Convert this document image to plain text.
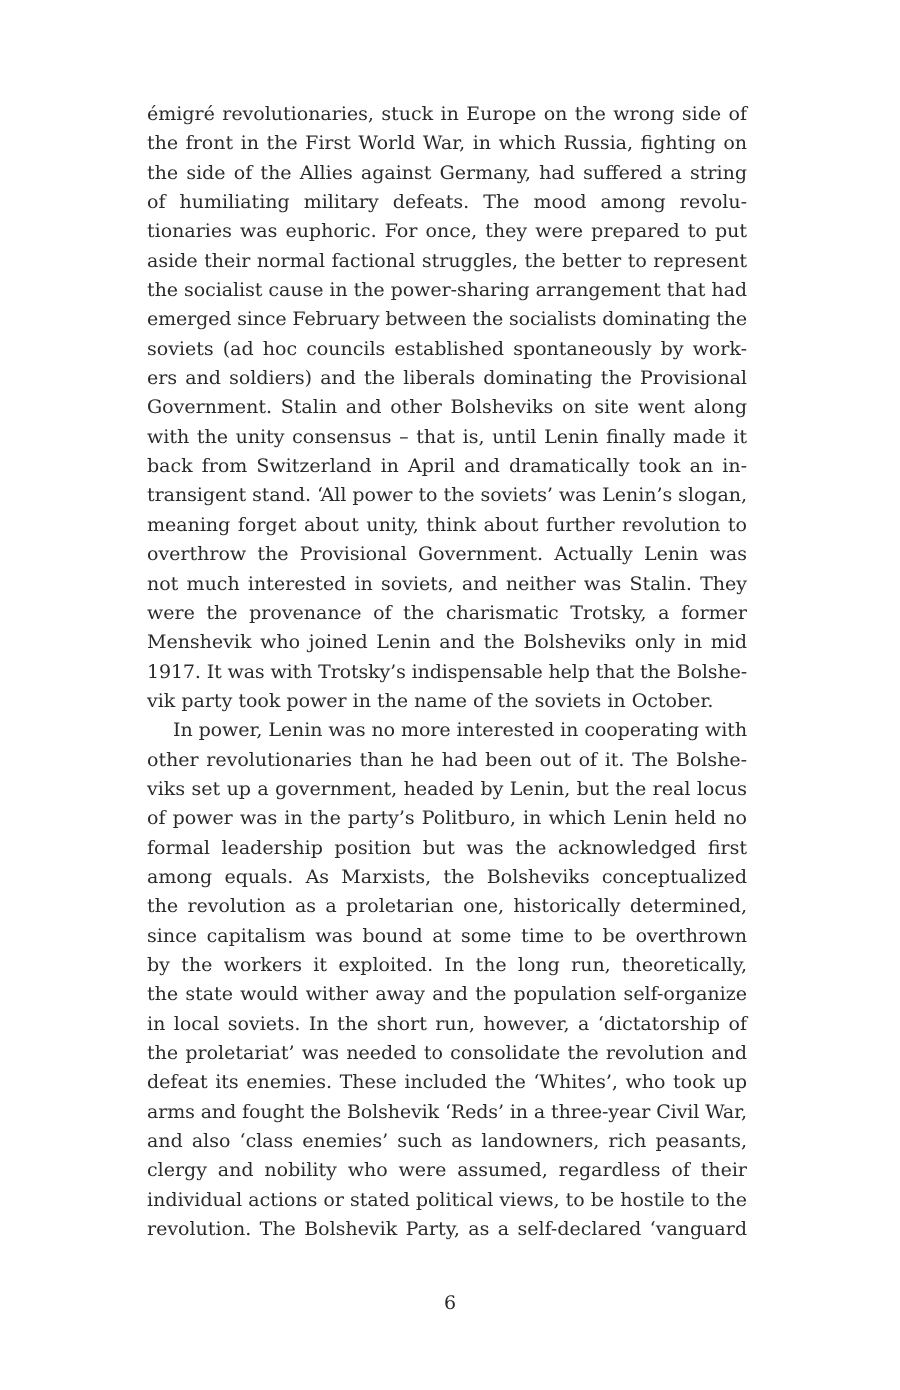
émigré revolutionaries, stuck in Europe on the wrong side of
the front in the First World War, in which Russia, fighting on
the side of the Allies against Germany, had suffered a string
of humiliating military defeats. The mood among revolu-
tionaries was euphoric. For once, they were prepared to put
aside their normal factional struggles, the better to represent
the socialist cause in the power-sharing arrangement that had
emerged since February between the socialists dominating the
soviets (ad hoc councils established spontaneously by work-
ers and soldiers) and the liberals dominating the Provisional
Government. Stalin and other Bolsheviks on site went along
with the unity consensus – that is, until Lenin finally made it
back from Switzerland in April and dramatically took an in-
transigent stand. ‘All power to the soviets’ was Lenin’s slogan,
meaning forget about unity, think about further revolution to
overthrow the Provisional Government. Actually Lenin was
not much interested in soviets, and neither was Stalin. They
were the provenance of the charismatic Trotsky, a former
Menshevik who joined Lenin and the Bolsheviks only in mid
1917. It was with Trotsky’s indispensable help that the Bolshe-
vik party took power in the name of the soviets in October.
In power, Lenin was no more interested in cooperating with
other revolutionaries than he had been out of it. The Bolshe-
viks set up a government, headed by Lenin, but the real locus
of power was in the party’s Politburo, in which Lenin held no
formal leadership position but was the acknowledged first
among equals. As Marxists, the Bolsheviks conceptualized
the revolution as a proletarian one, historically determined,
since capitalism was bound at some time to be overthrown
by the workers it exploited. In the long run, theoretically,
the state would wither away and the population self-organize
in local soviets. In the short run, however, a ‘dictatorship of
the proletariat’ was needed to consolidate the revolution and
defeat its enemies. These included the ‘Whites’, who took up
arms and fought the Bolshevik ‘Reds’ in a three-year Civil War,
and also ‘class enemies’ such as landowners, rich peasants,
clergy and nobility who were assumed, regardless of their
individual actions or stated political views, to be hostile to the
revolution. The Bolshevik Party, as a self-declared ‘vanguard
6
